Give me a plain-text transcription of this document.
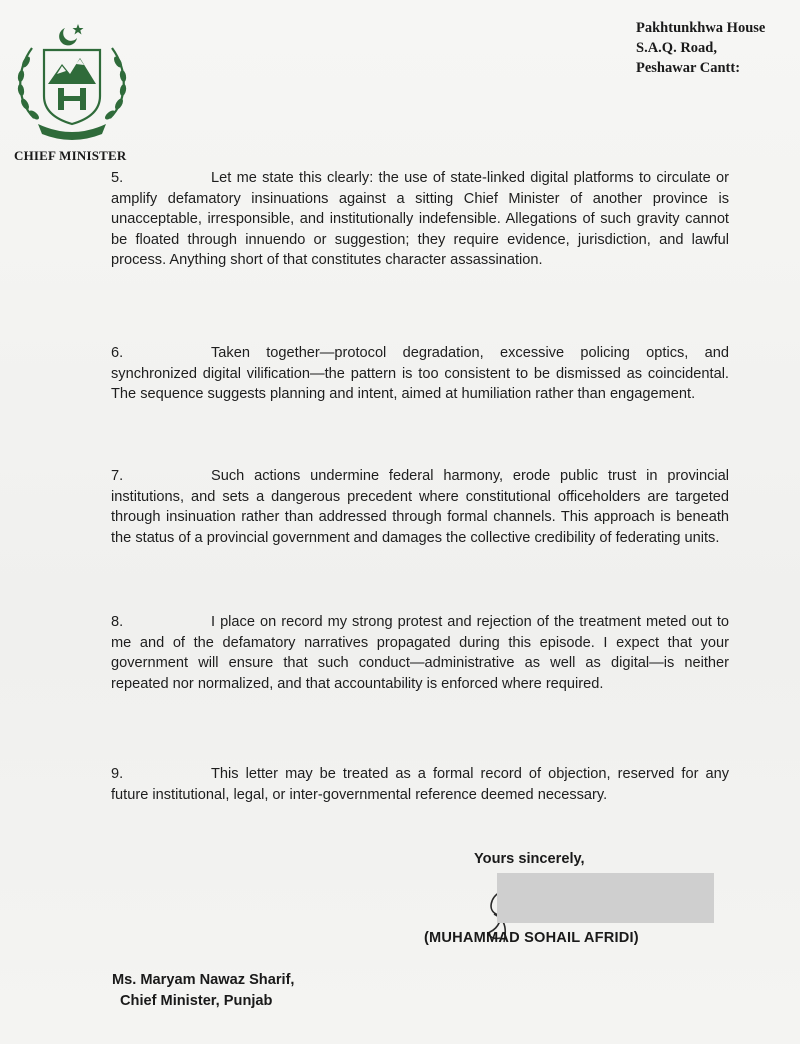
CHIEF MINISTER
Pakhtunkhwa House
S.A.Q. Road,
Peshawar Cantt:
5.	Let me state this clearly: the use of state-linked digital platforms to circulate or amplify defamatory insinuations against a sitting Chief Minister of another province is unacceptable, irresponsible, and institutionally indefensible. Allegations of such gravity cannot be floated through innuendo or suggestion; they require evidence, jurisdiction, and lawful process. Anything short of that constitutes character assassination.
6.	Taken together—protocol degradation, excessive policing optics, and synchronized digital vilification—the pattern is too consistent to be dismissed as coincidental. The sequence suggests planning and intent, aimed at humiliation rather than engagement.
7.	Such actions undermine federal harmony, erode public trust in provincial institutions, and sets a dangerous precedent where constitutional officeholders are targeted through insinuation rather than addressed through formal channels. This approach is beneath the status of a provincial government and damages the collective credibility of federating units.
8.	I place on record my strong protest and rejection of the treatment meted out to me and of the defamatory narratives propagated during this episode. I expect that your government will ensure that such conduct—administrative as well as digital—is neither repeated nor normalized, and that accountability is enforced where required.
9.	This letter may be treated as a formal record of objection, reserved for any future institutional, legal, or inter-governmental reference deemed necessary.
Yours sincerely,
(MUHAMMAD SOHAIL AFRIDI)
Ms. Maryam Nawaz Sharif,
Chief Minister, Punjab
